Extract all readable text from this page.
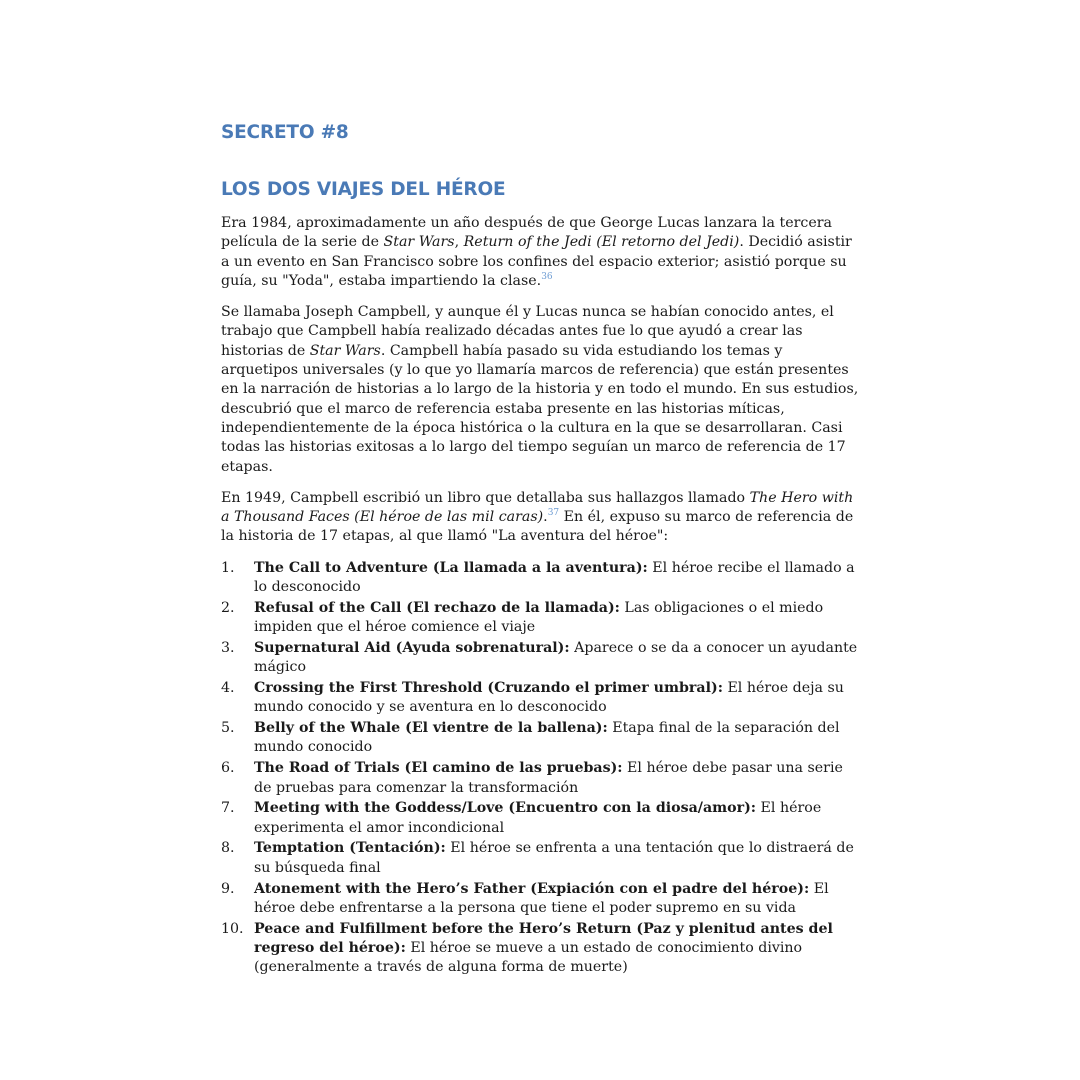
SECRETO #8
LOS DOS VIAJES DEL HÉROE

Era 1984, aproximadamente un año después de que George Lucas lanzara la tercera película de la serie de Star Wars, Return of the Jedi (El retorno del Jedi). Decidió asistir a un evento en San Francisco sobre los confines del espacio exterior; asistió porque su guía, su "Yoda", estaba impartiendo la clase.$^{36}$

Se llamaba Joseph Campbell, y aunque él y Lucas nunca se habían conocido antes, el trabajo que Campbell había realizado décadas antes fue lo que ayudó a crear las historias de Star Wars. Campbell había pasado su vida estudiando los temas y arquetipos universales (y lo que yo llamaría marcos de referencia) que están presentes en la narración de historias a lo largo de la historia y en todo el mundo. En sus estudios, descubrió que el marco de referencia estaba presente en las historias míticas, independientemente de la época histórica o la cultura en la que se desarrollaran. Casi todas las historias exitosas a lo largo del tiempo seguían un marco de referencia de 17 etapas.

En 1949, Campbell escribió un libro que detallaba sus hallazgos llamado The Hero with a Thousand Faces (El héroe de las mil caras).$^{37}$ En él, expuso su marco de referencia de la historia de 17 etapas, al que llamó "La aventura del héroe":

1. The Call to Adventure (La llamada a la aventura): El héroe recibe el llamado a lo desconocido
2. Refusal of the Call (El rechazo de la llamada): Las obligaciones o el miedo impiden que el héroe comience el viaje
3. Supernatural Aid (Ayuda sobrenatural): Aparece o se da a conocer un ayudante mágico
4. Crossing the First Threshold (Cruzando el primer umbral): El héroe deja su mundo conocido y se aventura en lo desconocido
5. Belly of the Whale (El vientre de la ballena): Etapa final de la separación del mundo conocido
6. The Road of Trials (El camino de las pruebas): El héroe debe pasar una serie de pruebas para comenzar la transformación
7. Meeting with the Goddess/Love (Encuentro con la diosa/amor): El héroe experimenta el amor incondicional
8. Temptation (Tentación): El héroe se enfrenta a una tentación que lo distraerá de su búsqueda final
9. Atonement with the Hero’s Father (Expiación con el padre del héroe): El héroe debe enfrentarse a la persona que tiene el poder supremo en su vida
10. Peace and Fulfillment before the Hero’s Return (Paz y plenitud antes del regreso del héroe): El héroe se mueve a un estado de conocimiento divino (generalmente a través de alguna forma de muerte)
